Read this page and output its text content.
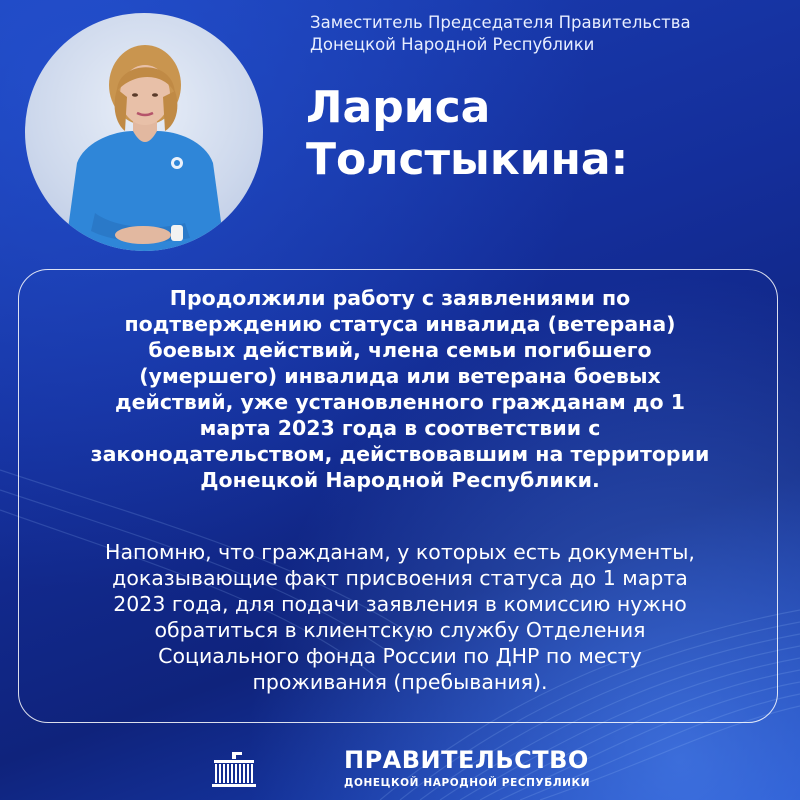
Заместитель Председателя Правительства
Донецкой Народной Республики
Лариса
Толстыкина:
Продолжили работу с заявлениями по
подтверждению статуса инвалида (ветерана)
боевых действий, члена семьи погибшего
(умершего) инвалида или ветерана боевых
действий, уже установленного гражданам до 1
марта 2023 года в соответствии с
законодательством, действовавшим на территории
Донецкой Народной Республики.
Напомню, что гражданам, у которых есть документы,
доказывающие факт присвоения статуса до 1 марта
2023 года, для подачи заявления в комиссию нужно
обратиться в клиентскую службу Отделения
Социального фонда России по ДНР по месту
проживания (пребывания).
ПРАВИТЕЛЬСТВО
ДОНЕЦКОЙ НАРОДНОЙ РЕСПУБЛИКИ
